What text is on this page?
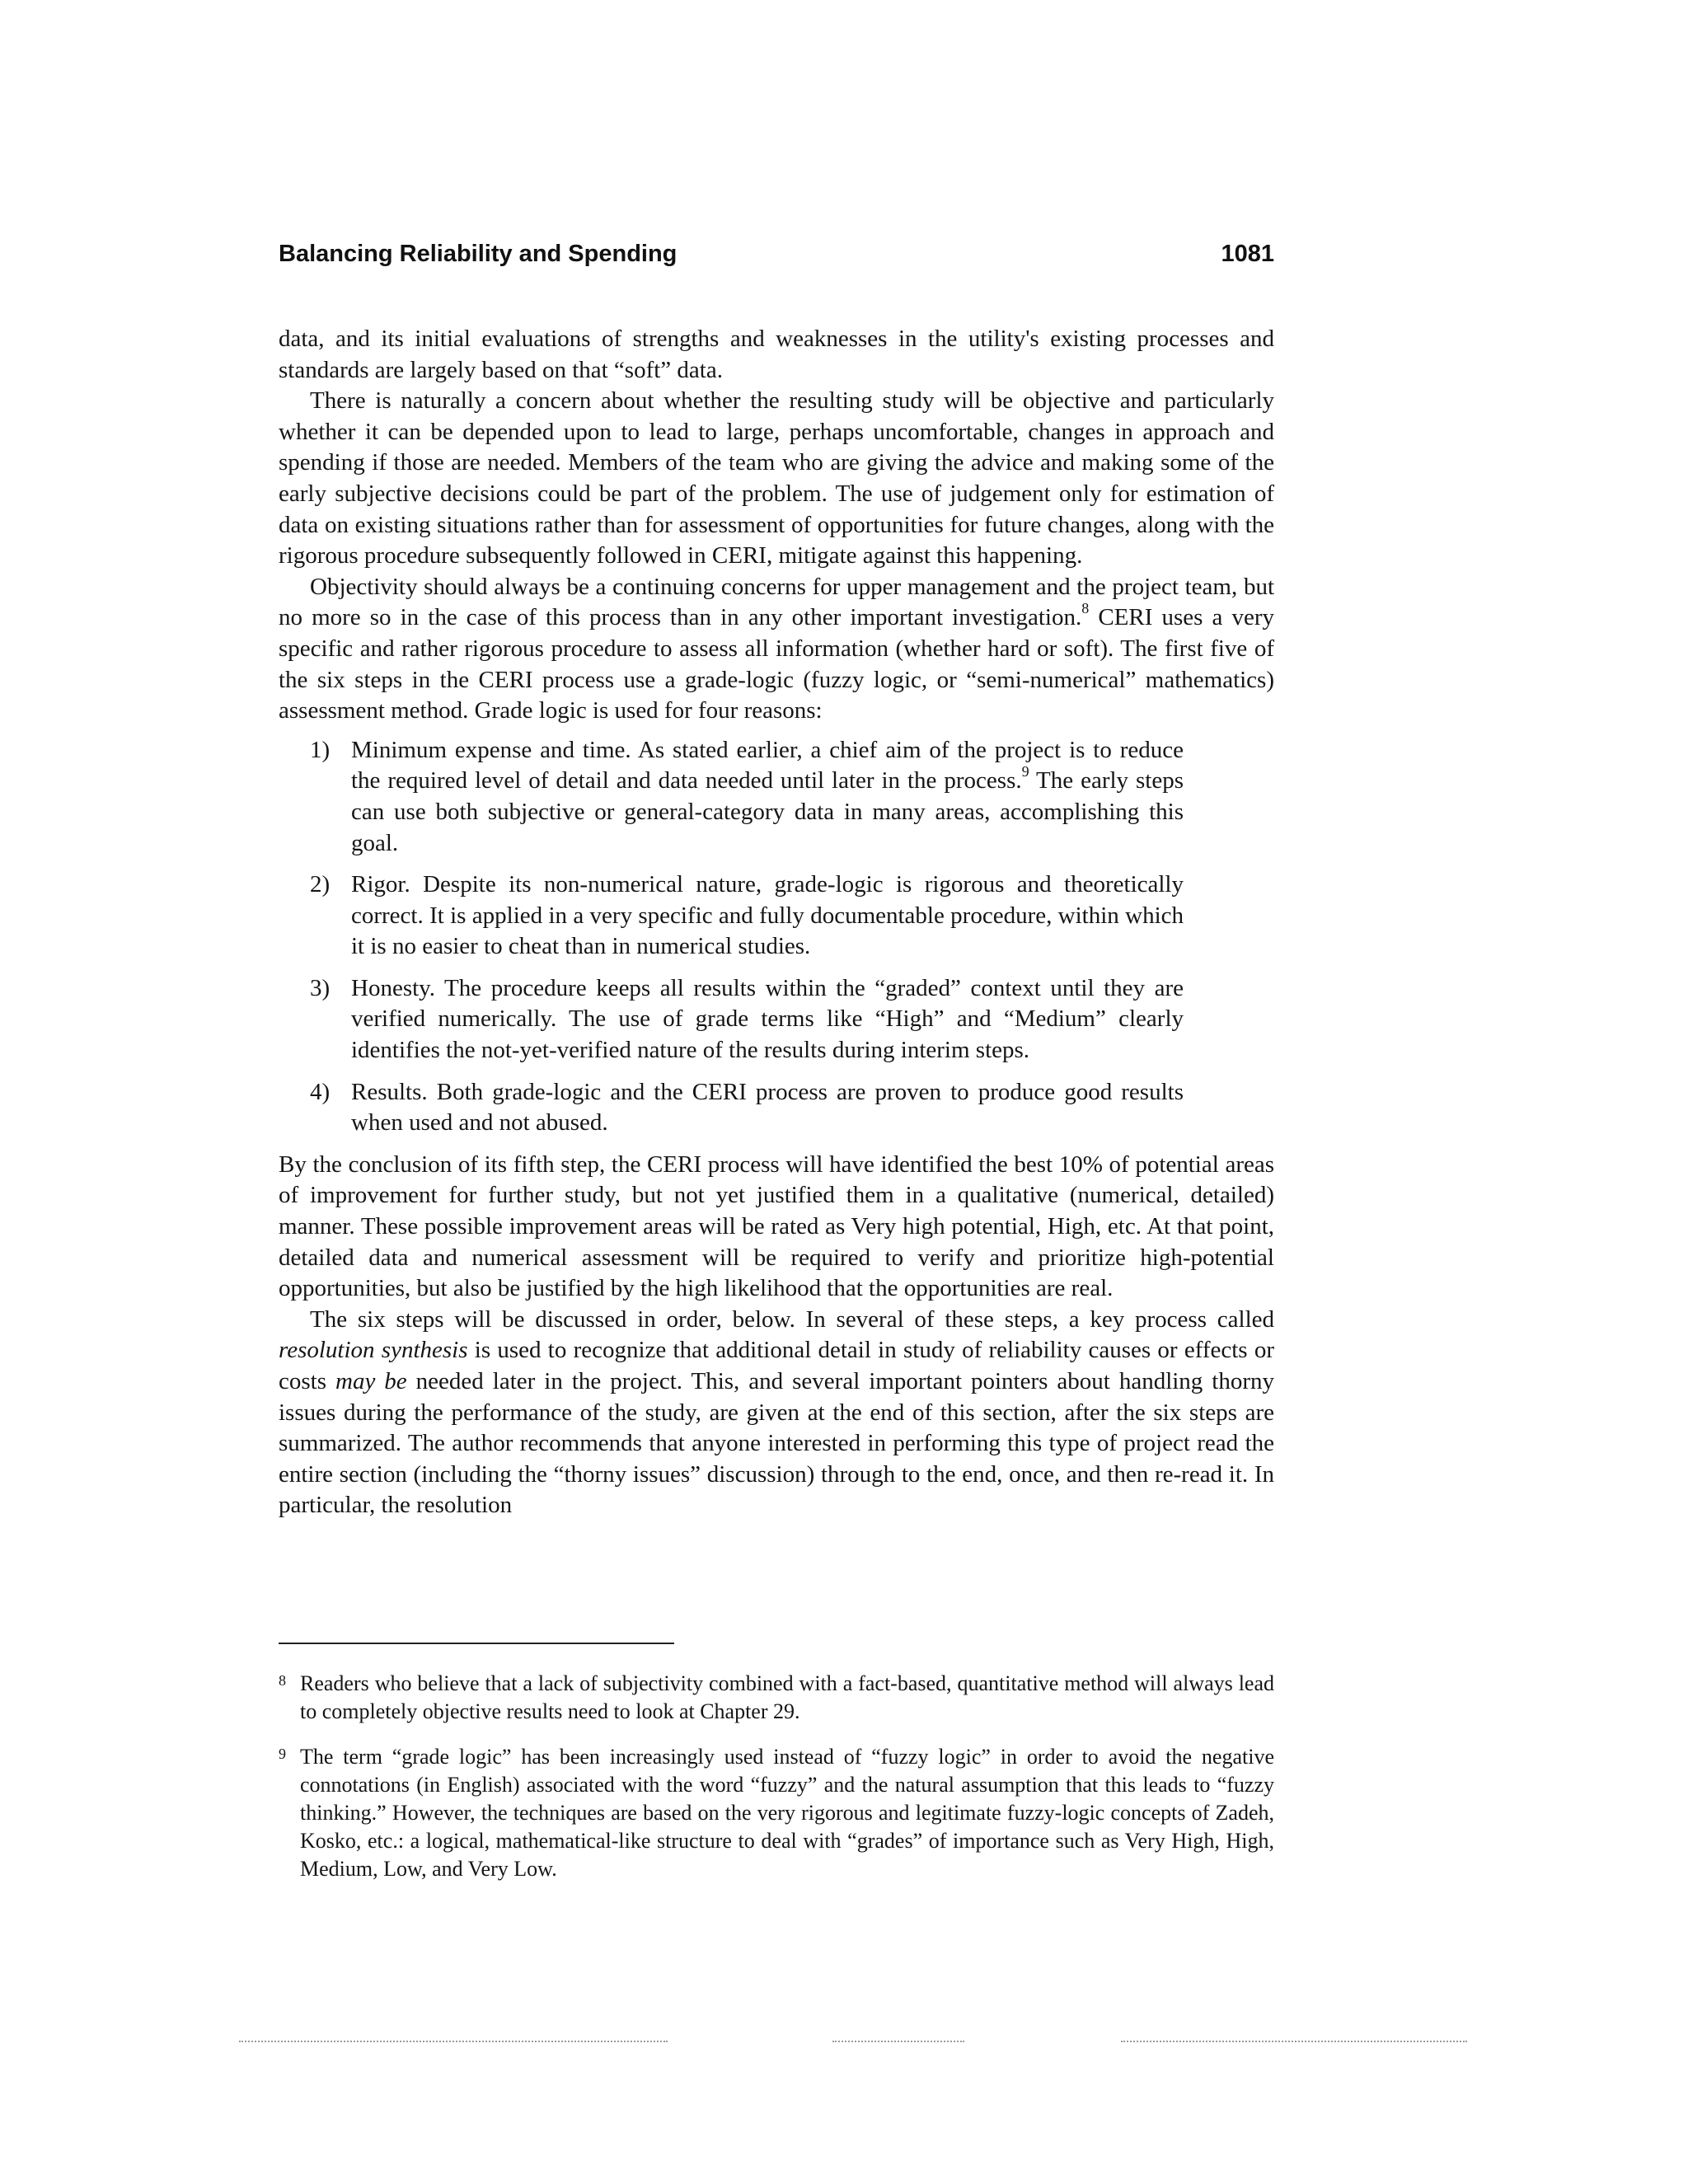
Balancing Reliability and Spending	1081

data, and its initial evaluations of strengths and weaknesses in the utility's existing processes and standards are largely based on that “soft” data.

There is naturally a concern about whether the resulting study will be objective and particularly whether it can be depended upon to lead to large, perhaps uncomfortable, changes in approach and spending if those are needed. Members of the team who are giving the advice and making some of the early subjective decisions could be part of the problem. The use of judgement only for estimation of data on existing situations rather than for assessment of opportunities for future changes, along with the rigorous procedure subsequently followed in CERI, mitigate against this happening.

Objectivity should always be a continuing concerns for upper management and the project team, but no more so in the case of this process than in any other important investigation.$^8$ CERI uses a very specific and rather rigorous procedure to assess all information (whether hard or soft). The first five of the six steps in the CERI process use a grade-logic (fuzzy logic, or “semi-numerical” mathematics) assessment method. Grade logic is used for four reasons:

1) Minimum expense and time. As stated earlier, a chief aim of the project is to reduce the required level of detail and data needed until later in the process.$^9$ The early steps can use both subjective or general-category data in many areas, accomplishing this goal.
2) Rigor. Despite its non-numerical nature, grade-logic is rigorous and theoretically correct. It is applied in a very specific and fully documentable procedure, within which it is no easier to cheat than in numerical studies.
3) Honesty. The procedure keeps all results within the “graded” context until they are verified numerically. The use of grade terms like “High” and “Medium” clearly identifies the not-yet-verified nature of the results during interim steps.
4) Results. Both grade-logic and the CERI process are proven to produce good results when used and not abused.

By the conclusion of its fifth step, the CERI process will have identified the best 10% of potential areas of improvement for further study, but not yet justified them in a qualitative (numerical, detailed) manner. These possible improvement areas will be rated as Very high potential, High, etc. At that point, detailed data and numerical assessment will be required to verify and prioritize high-potential opportunities, but also be justified by the high likelihood that the opportunities are real.

The six steps will be discussed in order, below. In several of these steps, a key process called resolution synthesis is used to recognize that additional detail in study of reliability causes or effects or costs may be needed later in the project. This, and several important pointers about handling thorny issues during the performance of the study, are given at the end of this section, after the six steps are summarized. The author recommends that anyone interested in performing this type of project read the entire section (including the “thorny issues” discussion) through to the end, once, and then re-read it. In particular, the resolution

8 Readers who believe that a lack of subjectivity combined with a fact-based, quantitative method will always lead to completely objective results need to look at Chapter 29.
9 The term “grade logic” has been increasingly used instead of “fuzzy logic” in order to avoid the negative connotations (in English) associated with the word “fuzzy” and the natural assumption that this leads to “fuzzy thinking.” However, the techniques are based on the very rigorous and legitimate fuzzy-logic concepts of Zadeh, Kosko, etc.: a logical, mathematical-like structure to deal with “grades” of importance such as Very High, High, Medium, Low, and Very Low.
